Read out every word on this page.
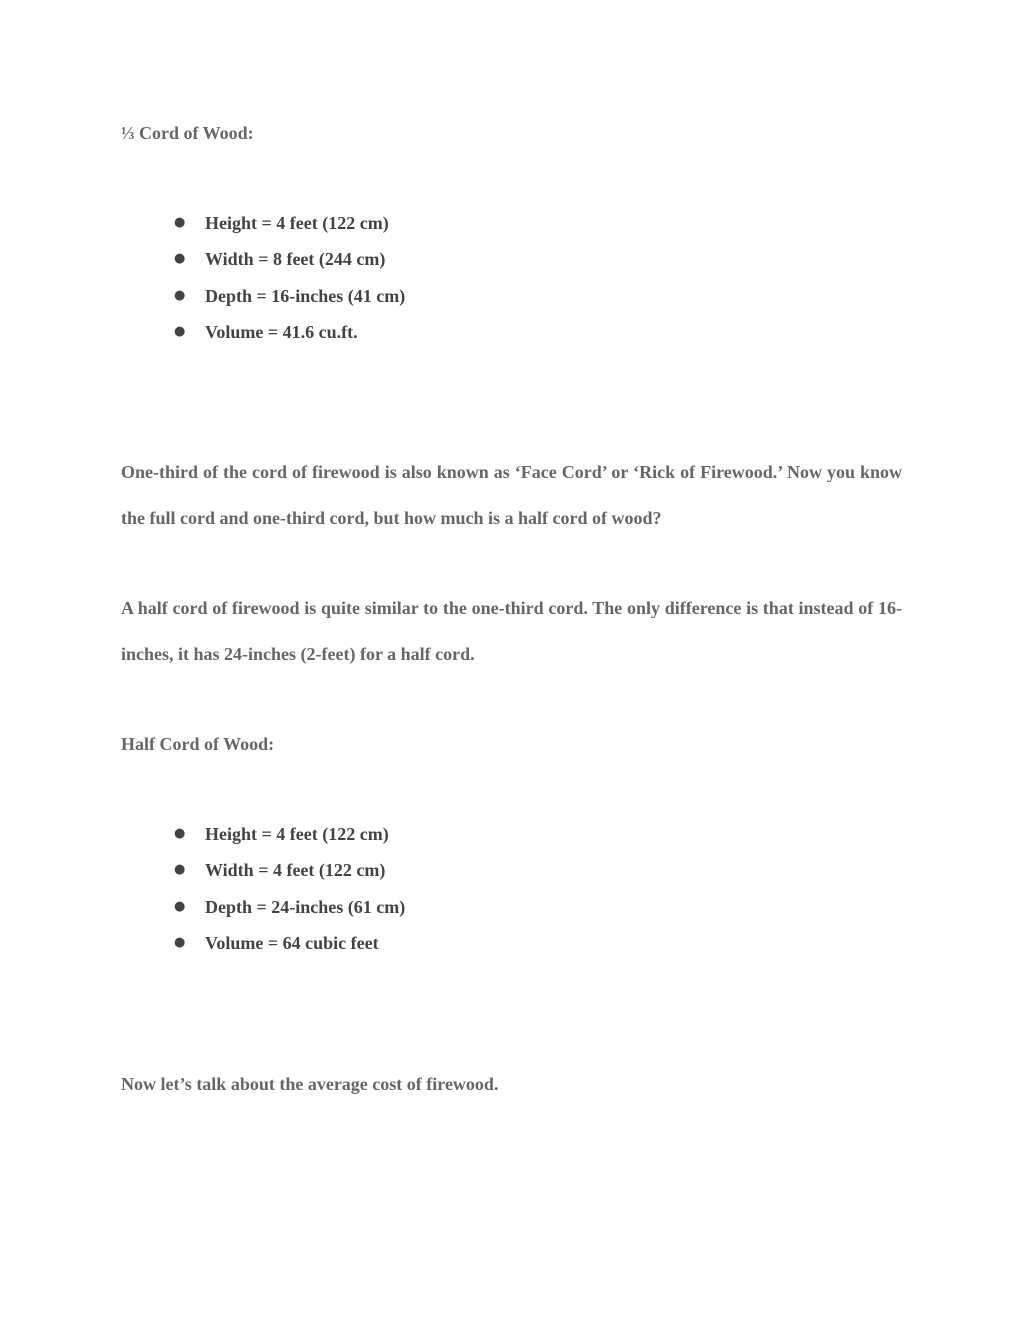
⅓ Cord of Wood:
● Height = 4 feet (122 cm)
● Width = 8 feet (244 cm)
● Depth = 16-inches (41 cm)
● Volume = 41.6 cu.ft.

One-third of the cord of firewood is also known as ‘Face Cord’ or ‘Rick of Firewood.’ Now you know the full cord and one-third cord, but how much is a half cord of wood?

A half cord of firewood is quite similar to the one-third cord. The only difference is that instead of 16-inches, it has 24-inches (2-feet) for a half cord.

Half Cord of Wood:
● Height = 4 feet (122 cm)
● Width = 4 feet (122 cm)
● Depth = 24-inches (61 cm)
● Volume = 64 cubic feet
Now let’s talk about the average cost of firewood.
